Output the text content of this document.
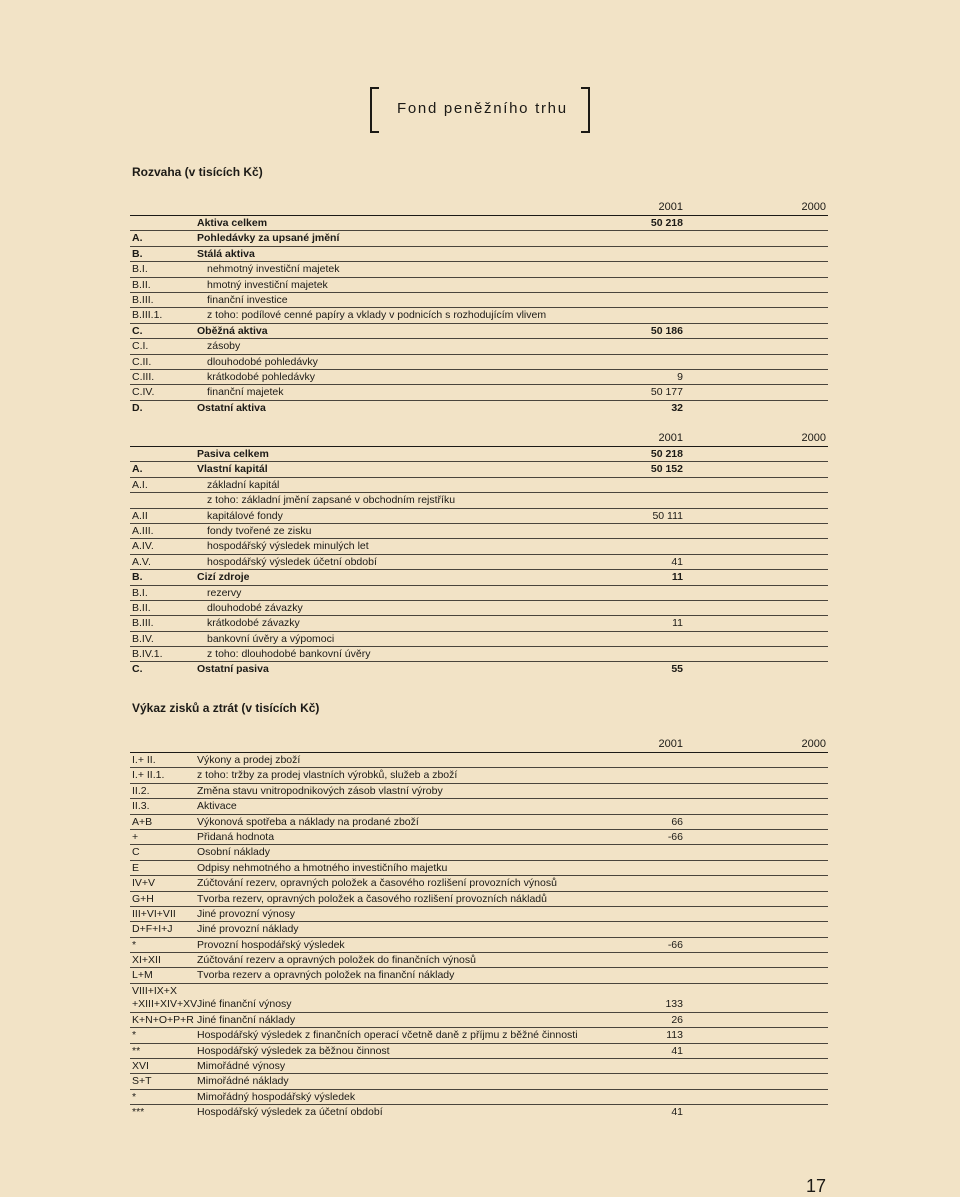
Fond peněžního trhu
Rozvaha (v tisících Kč)
2001	2000
Aktiva celkem	50 218
A.	Pohledávky za upsané jmění
B.	Stálá aktiva
B.I.	nehmotný investiční majetek
B.II.	hmotný investiční majetek
B.III.	finanční investice
B.III.1.	z toho: podílové cenné papíry a vklady v podnicích s rozhodujícím vlivem
C.	Oběžná aktiva	50 186
C.I.	zásoby
C.II.	dlouhodobé pohledávky
C.III.	krátkodobé pohledávky	9
C.IV.	finanční majetek	50 177
D.	Ostatní aktiva	32
2001	2000
Pasiva celkem	50 218
A.	Vlastní kapitál	50 152
A.I.	základní kapitál
z toho: základní jmění zapsané v obchodním rejstříku
A.II	kapitálové fondy	50 111
A.III.	fondy tvořené ze zisku
A.IV.	hospodářský výsledek minulých let
A.V.	hospodářský výsledek účetní období	41
B.	Cizí zdroje	11
B.I.	rezervy
B.II.	dlouhodobé závazky
B.III.	krátkodobé závazky	11
B.IV.	bankovní úvěry a výpomoci
B.IV.1.	z toho: dlouhodobé bankovní úvěry
C.	Ostatní pasiva	55
Výkaz zisků a ztrát (v tisících Kč)
2001	2000
I.+ II.	Výkony a prodej zboží
I.+ II.1.	z toho: tržby za prodej vlastních výrobků, služeb a zboží
II.2.	Změna stavu vnitropodnikových zásob vlastní výroby
II.3.	Aktivace
A+B	Výkonová spotřeba a náklady na prodané zboží	66
+	Přidaná hodnota	-66
C	Osobní náklady
E	Odpisy nehmotného a hmotného investičního majetku
IV+V	Zúčtování rezerv, opravných položek a časového rozlišení provozních výnosů
G+H	Tvorba rezerv, opravných položek a časového rozlišení provozních nákladů
III+VI+VII Jiné provozní výnosy
D+F+I+J Jiné provozní náklady
*	Provozní hospodářský výsledek	-66
XI+XII	Zúčtování rezerv a opravných položek do finančních výnosů
L+M	Tvorba rezerv a opravných položek na finanční náklady
VIII+IX+X
+XIII+XIV+XV Jiné finanční výnosy	133
K+N+O+P+R Jiné finanční náklady	26
*	Hospodářský výsledek z finančních operací včetně daně z příjmu z běžné činnosti	113
**	Hospodářský výsledek za běžnou činnost	41
XVI	Mimořádné výnosy
S+T	Mimořádné náklady
*	Mimořádný hospodářský výsledek
***	Hospodářský výsledek za účetní období	41
17
